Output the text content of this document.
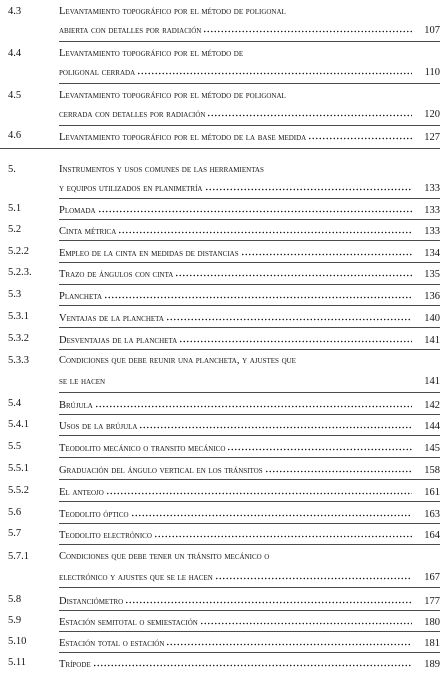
4.3	Levantamiento topográfico por el método de poligonal
abierta con detalles por radiación	107
4.4	Levantamiento topográfico por el método de
poligonal cerrada	110
4.5	Levantamiento topográfico por el método de poligonal
cerrada con detalles por radiación	120
4.6	Levantamiento topográfico por el método de la base medida	127
5.	Instrumentos y usos comunes de las herramientas
y equipos utilizados en planimetría	133
5.1	Plomada	133
5.2	Cinta métrica	133
5.2.2	Empleo de la cinta en medidas de distancias	134
5.2.3.	Trazo de ángulos con cinta	135
5.3	Plancheta	136
5.3.1	Ventajas de la plancheta	140
5.3.2	Desventajas de la plancheta	141
5.3.3	Condiciones que debe reunir una plancheta, y ajustes que
se le hacen	141
5.4	Brújula	142
5.4.1	Usos de la brújula	144
5.5	Teodolito mecánico o transito mecánico	145
5.5.1	Graduación del ángulo vertical en los tránsitos	158
5.5.2	El anteojo	161
5.6	Teodolito óptico	163
5.7	Teodolito electrónico	164
5.7.1	Condiciones que debe tener un tránsito mecánico o
electrónico y ajustes que se le hacen	167
5.8	Distanciómetro	177
5.9	Estación semitotal o semiestación	180
5.10	Estación total o estación	181
5.11	Trípode	189
